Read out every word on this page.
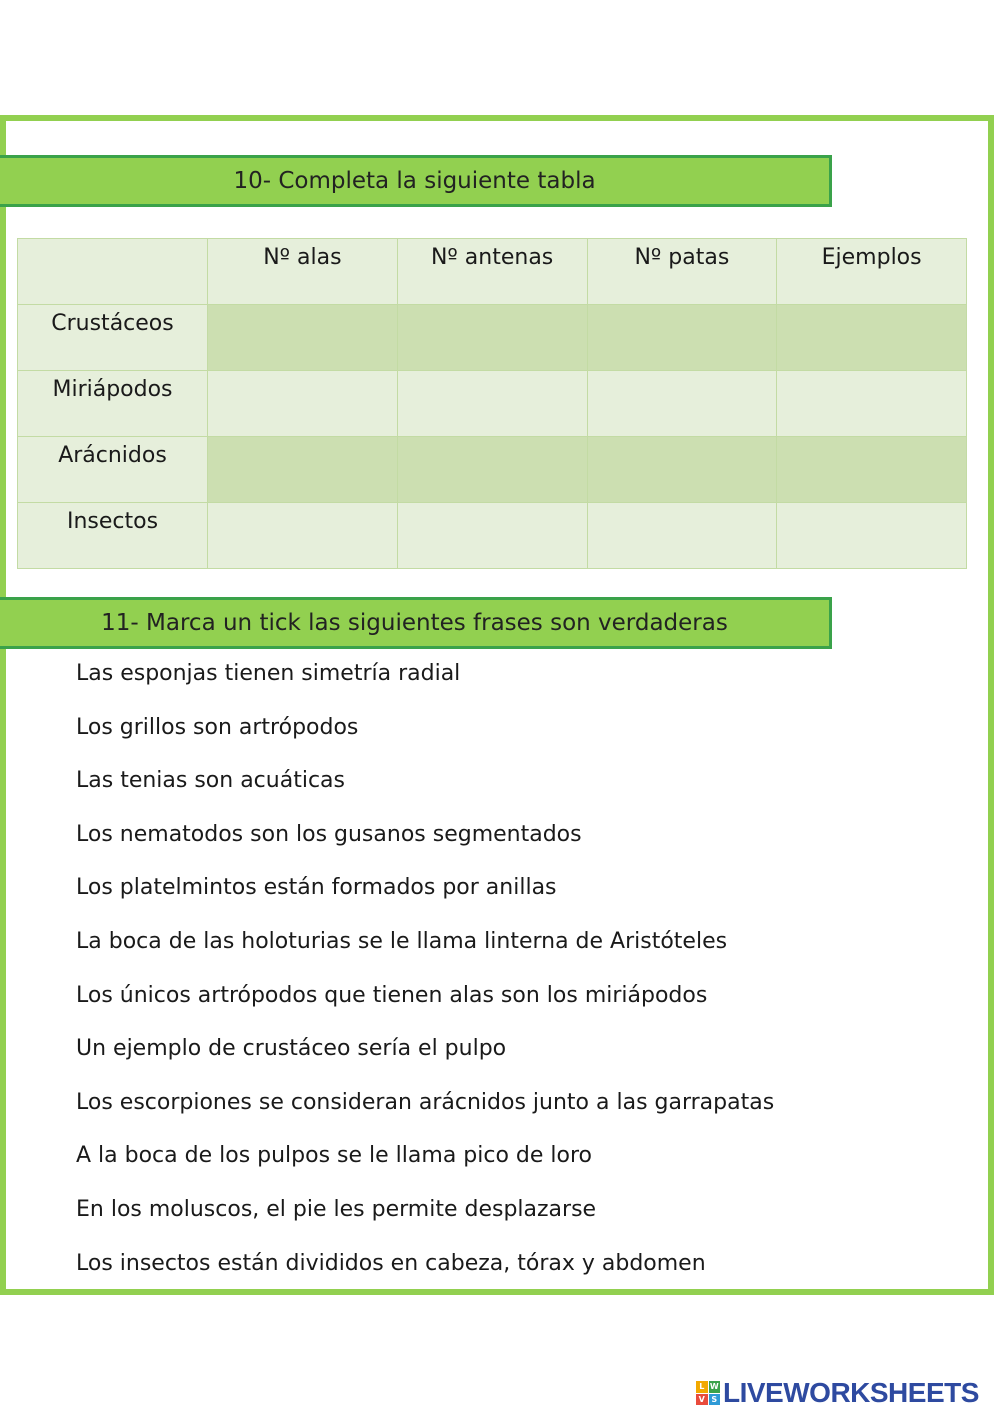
10- Completa la siguiente tabla
	Nº alas	Nº antenas	Nº patas	Ejemplos
Crustáceos				
Miriápodos				
Arácnidos				
Insectos				
11- Marca un tick las siguientes frases son verdaderas
Las esponjas tienen simetría radial
Los grillos son artrópodos
Las tenias son acuáticas
Los nematodos son los gusanos segmentados
Los platelmintos están formados por anillas
La boca de las holoturias se le llama linterna de Aristóteles
Los únicos artrópodos que tienen alas son los miriápodos
Un ejemplo de crustáceo sería el pulpo
Los escorpiones se consideran arácnidos junto a las garrapatas
A la boca de los pulpos se le llama pico de loro
En los moluscos, el pie les permite desplazarse
Los insectos están divididos en cabeza, tórax y abdomen
L W
V S LIVEWORKSHEETS
